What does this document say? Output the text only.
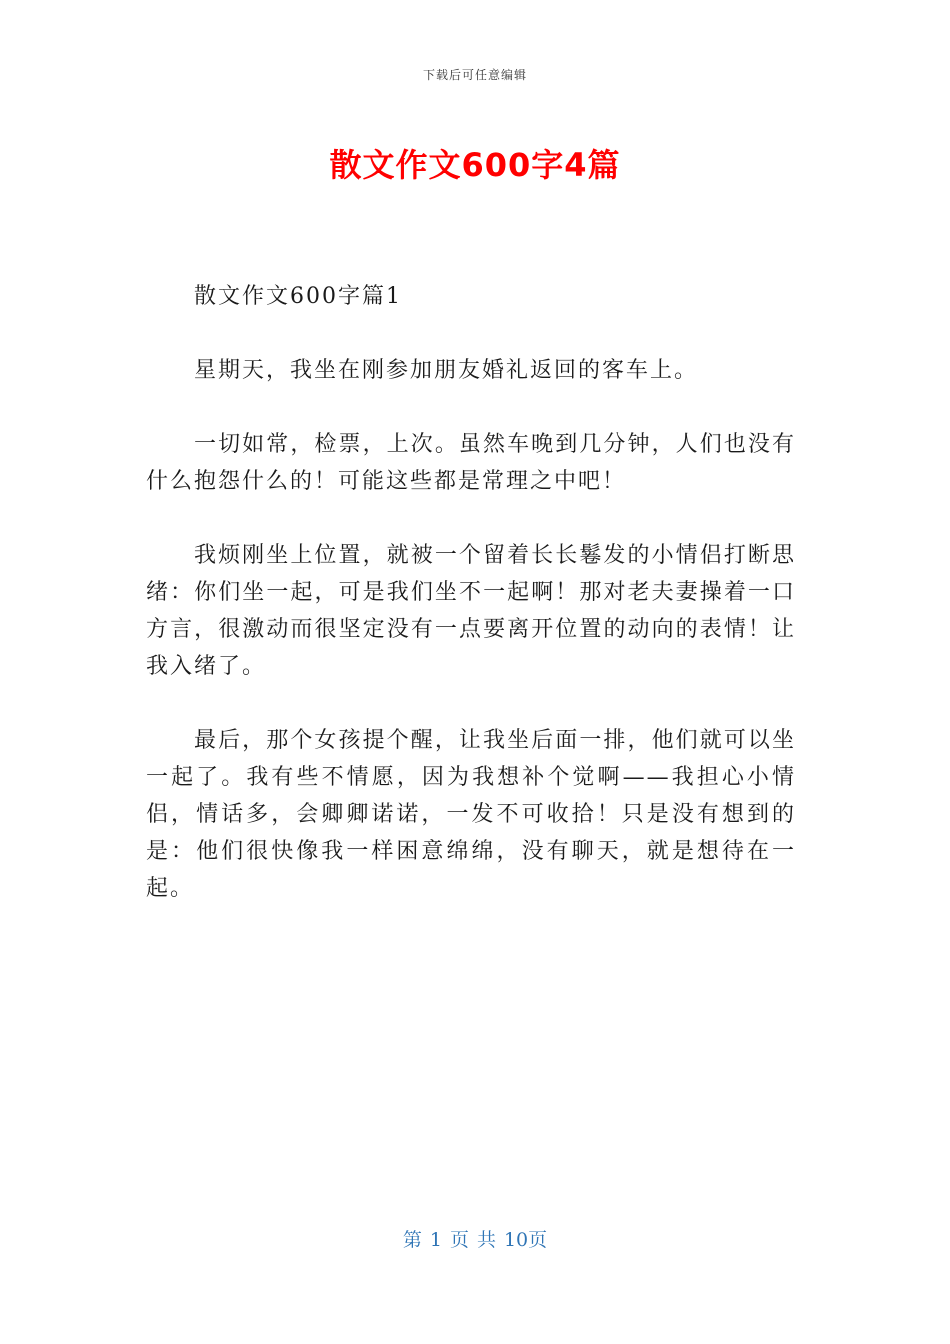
下载后可任意编辑
散文作文600字4篇

散文作文600字篇1

星期天，我坐在刚参加朋友婚礼返回的客车上。

一切如常，检票，上次。虽然车晚到几分钟，人们也没有什么抱怨什么的！可能这些都是常理之中吧！

我烦刚坐上位置，就被一个留着长长鬈发的小情侣打断思绪：你们坐一起，可是我们坐不一起啊！那对老夫妻操着一口方言，很激动而很坚定没有一点要离开位置的动向的表情！让我入绪了。

最后，那个女孩提个醒，让我坐后面一排，他们就可以坐一起了。我有些不情愿，因为我想补个觉啊——我担心小情侣，情话多，会卿卿诺诺，一发不可收拾！只是没有想到的是：他们很快像我一样困意绵绵，没有聊天，就是想待在一起。

第 1 页 共 10页
